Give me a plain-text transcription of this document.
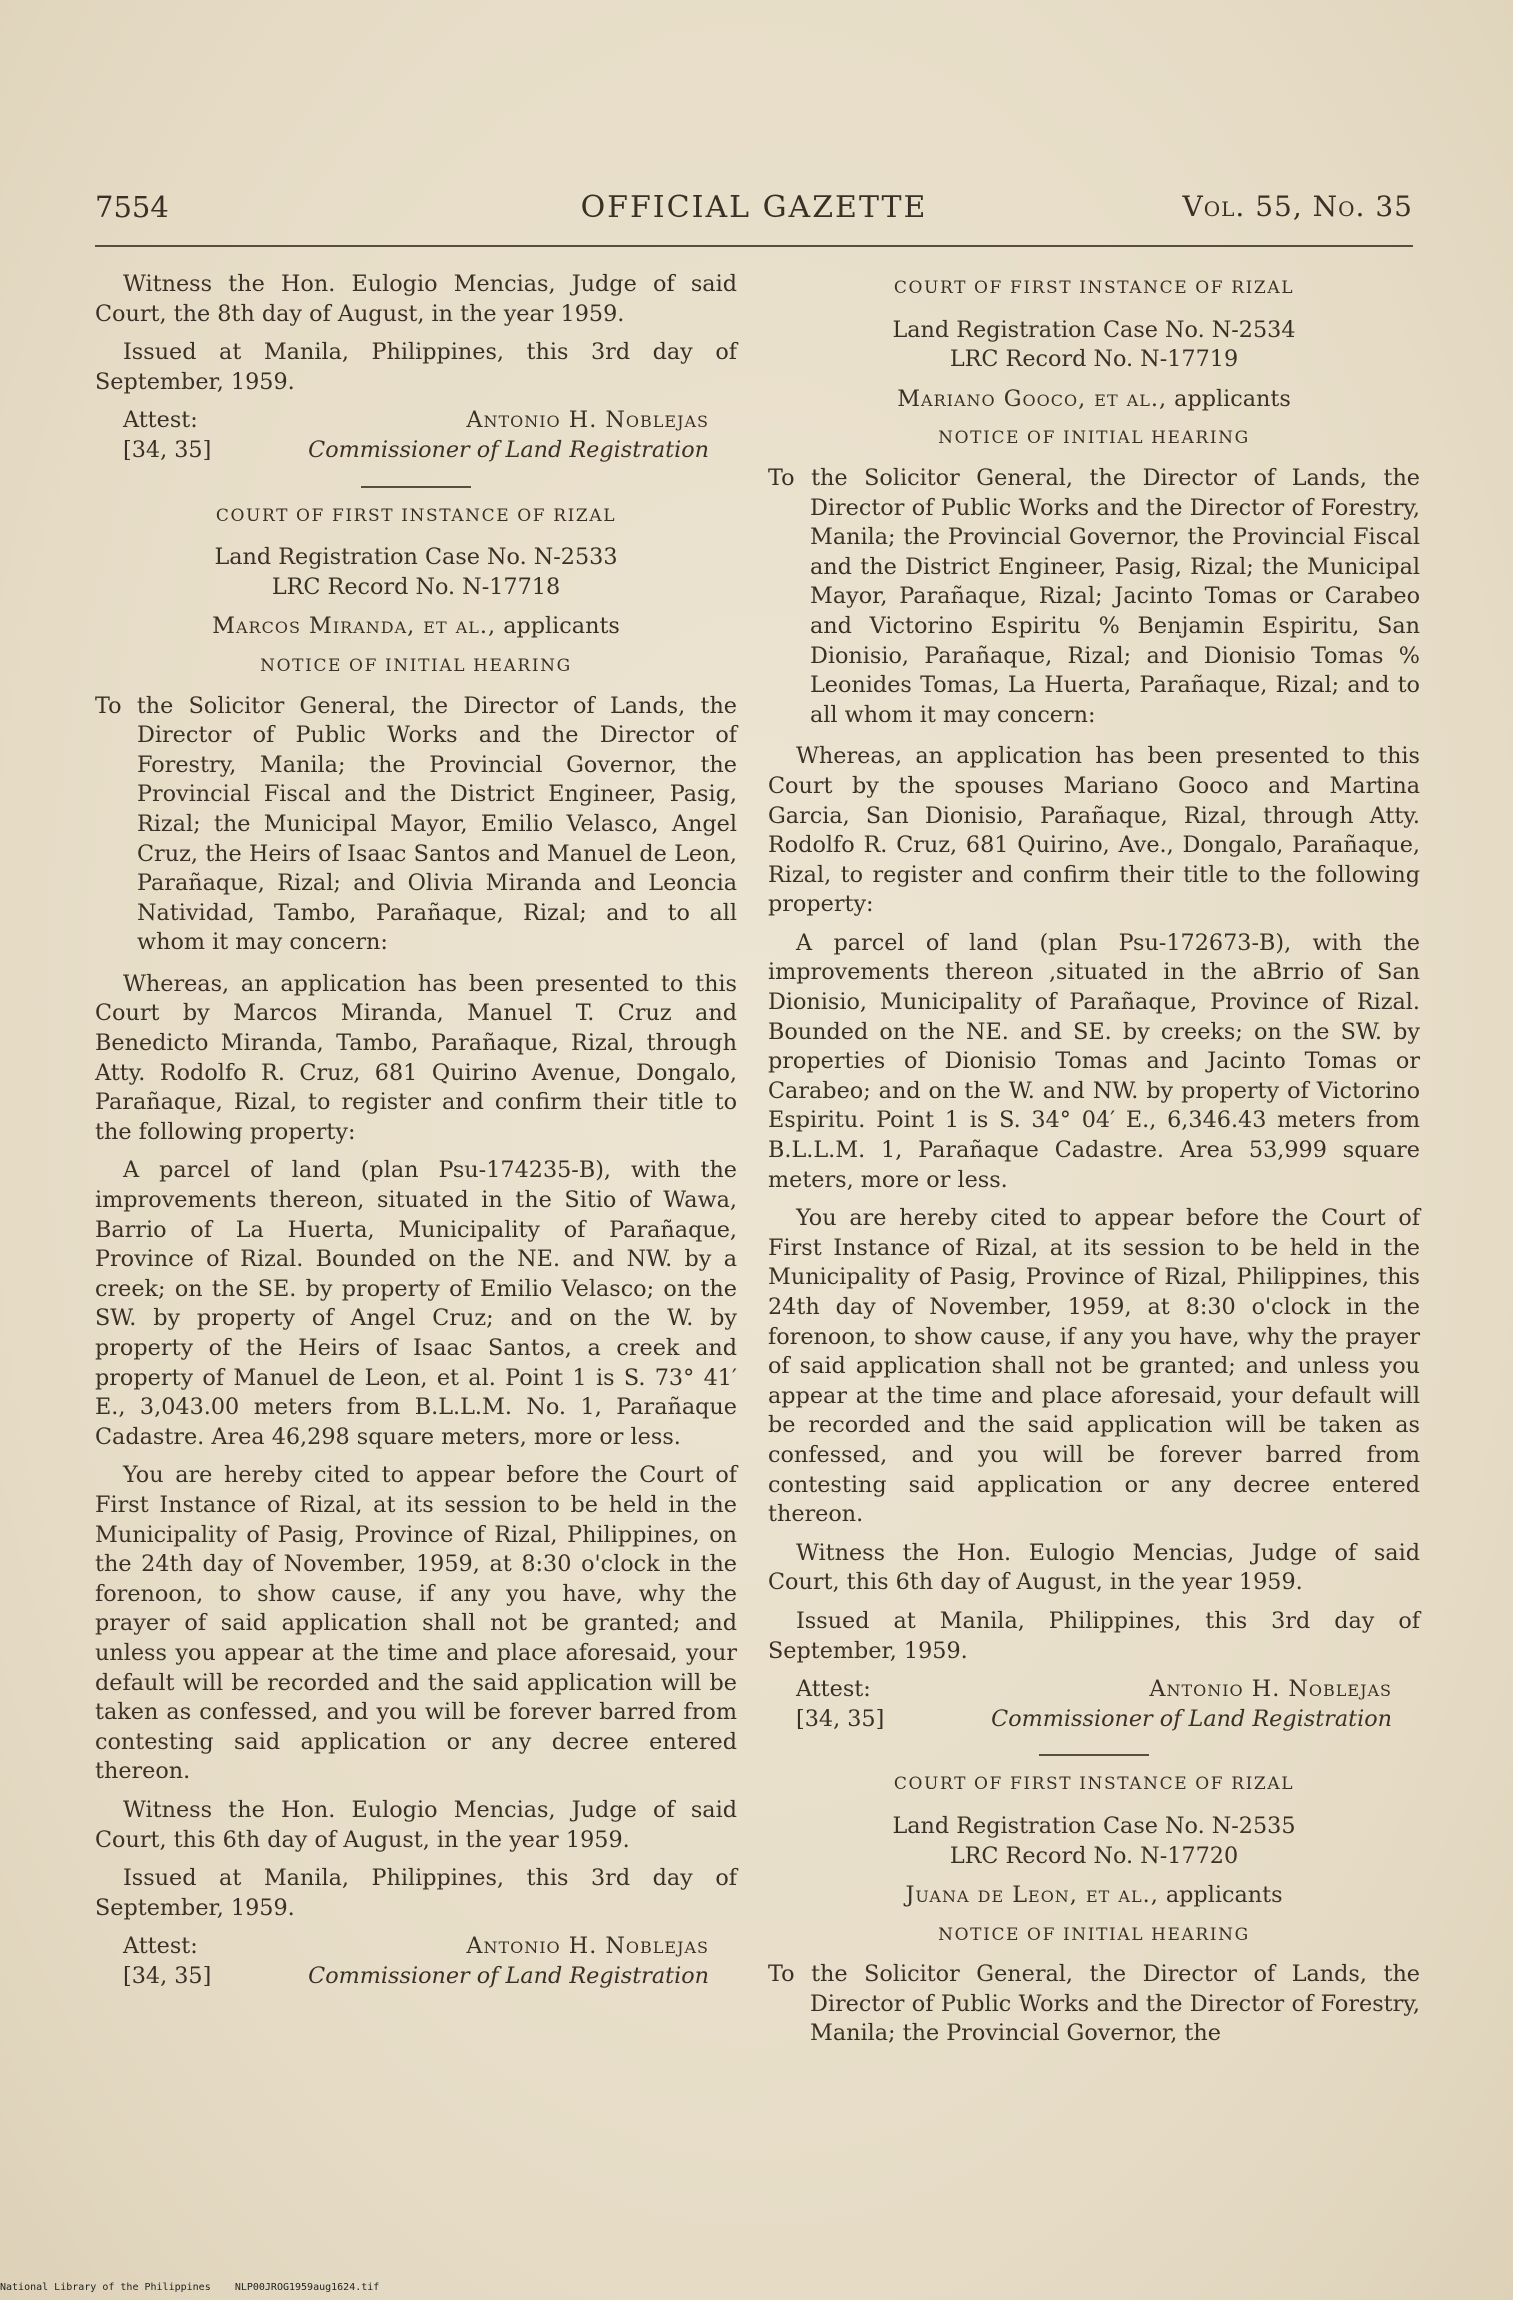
7554	OFFICIAL GAZETTE	Vol. 55, No. 35

Witness the Hon. Eulogio Mencias, Judge of said Court, the 8th day of August, in the year 1959.

Issued at Manila, Philippines, this 3rd day of September, 1959.

Attest:	Antonio H. Noblejas
[34, 35]	Commissioner of Land Registration
COURT OF FIRST INSTANCE OF RIZAL

Land Registration Case No. N-2533

LRC Record No. N-17718

Marcos Miranda, et al., applicants
NOTICE OF INITIAL HEARING

To the Solicitor General, the Director of Lands, the Director of Public Works and the Director of Forestry, Manila; the Provincial Governor, the Provincial Fiscal and the District Engineer, Pasig, Rizal; the Municipal Mayor, Emilio Velasco, Angel Cruz, the Heirs of Isaac Santos and Manuel de Leon, Parañaque, Rizal; and Olivia Miranda and Leoncia Natividad, Tambo, Parañaque, Rizal; and to all whom it may concern:

Whereas, an application has been presented to this Court by Marcos Miranda, Manuel T. Cruz and Benedicto Miranda, Tambo, Parañaque, Rizal, through Atty. Rodolfo R. Cruz, 681 Quirino Avenue, Dongalo, Parañaque, Rizal, to register and confirm their title to the following property:

A parcel of land (plan Psu-174235-B), with the improvements thereon, situated in the Sitio of Wawa, Barrio of La Huerta, Municipality of Parañaque, Province of Rizal. Bounded on the NE. and NW. by a creek; on the SE. by property of Emilio Velasco; on the SW. by property of Angel Cruz; and on the W. by property of the Heirs of Isaac Santos, a creek and property of Manuel de Leon, et al. Point 1 is S. 73° 41′ E., 3,043.00 meters from B.L.L.M. No. 1, Parañaque Cadastre. Area 46,298 square meters, more or less.

You are hereby cited to appear before the Court of First Instance of Rizal, at its session to be held in the Municipality of Pasig, Province of Rizal, Philippines, on the 24th day of November, 1959, at 8:30 o'clock in the forenoon, to show cause, if any you have, why the prayer of said application shall not be granted; and unless you appear at the time and place aforesaid, your default will be recorded and the said application will be taken as confessed, and you will be forever barred from contesting said application or any decree entered thereon.

Witness the Hon. Eulogio Mencias, Judge of said Court, this 6th day of August, in the year 1959.

Issued at Manila, Philippines, this 3rd day of September, 1959.

Attest:	Antonio H. Noblejas
[34, 35]	Commissioner of Land Registration
COURT OF FIRST INSTANCE OF RIZAL

Land Registration Case No. N-2534

LRC Record No. N-17719

Mariano Gooco, et al., applicants
NOTICE OF INITIAL HEARING

To the Solicitor General, the Director of Lands, the Director of Public Works and the Director of Forestry, Manila; the Provincial Governor, the Provincial Fiscal and the District Engineer, Pasig, Rizal; the Municipal Mayor, Parañaque, Rizal; Jacinto Tomas or Carabeo and Victorino Espiritu % Benjamin Espiritu, San Dionisio, Parañaque, Rizal; and Dionisio Tomas % Leonides Tomas, La Huerta, Parañaque, Rizal; and to all whom it may concern:

Whereas, an application has been presented to this Court by the spouses Mariano Gooco and Martina Garcia, San Dionisio, Parañaque, Rizal, through Atty. Rodolfo R. Cruz, 681 Quirino, Ave., Dongalo, Parañaque, Rizal, to register and confirm their title to the following property:

A parcel of land (plan Psu-172673-B), with the improvements thereon ,situated in the aBrrio of San Dionisio, Municipality of Parañaque, Province of Rizal. Bounded on the NE. and SE. by creeks; on the SW. by properties of Dionisio Tomas and Jacinto Tomas or Carabeo; and on the W. and NW. by property of Victorino Espiritu. Point 1 is S. 34° 04′ E., 6,346.43 meters from B.L.L.M. 1, Parañaque Cadastre. Area 53,999 square meters, more or less.

You are hereby cited to appear before the Court of First Instance of Rizal, at its session to be held in the Municipality of Pasig, Province of Rizal, Philippines, this 24th day of November, 1959, at 8:30 o'clock in the forenoon, to show cause, if any you have, why the prayer of said application shall not be granted; and unless you appear at the time and place aforesaid, your default will be recorded and the said application will be taken as confessed, and you will be forever barred from contesting said application or any decree entered thereon.

Witness the Hon. Eulogio Mencias, Judge of said Court, this 6th day of August, in the year 1959.

Issued at Manila, Philippines, this 3rd day of September, 1959.

Attest:	Antonio H. Noblejas
[34, 35]	Commissioner of Land Registration
COURT OF FIRST INSTANCE OF RIZAL

Land Registration Case No. N-2535

LRC Record No. N-17720

Juana de Leon, et al., applicants
NOTICE OF INITIAL HEARING

To the Solicitor General, the Director of Lands, the Director of Public Works and the Director of Forestry, Manila; the Provincial Governor, the

National Library of the Philippines NLP00JROG1959aug1624.tif
